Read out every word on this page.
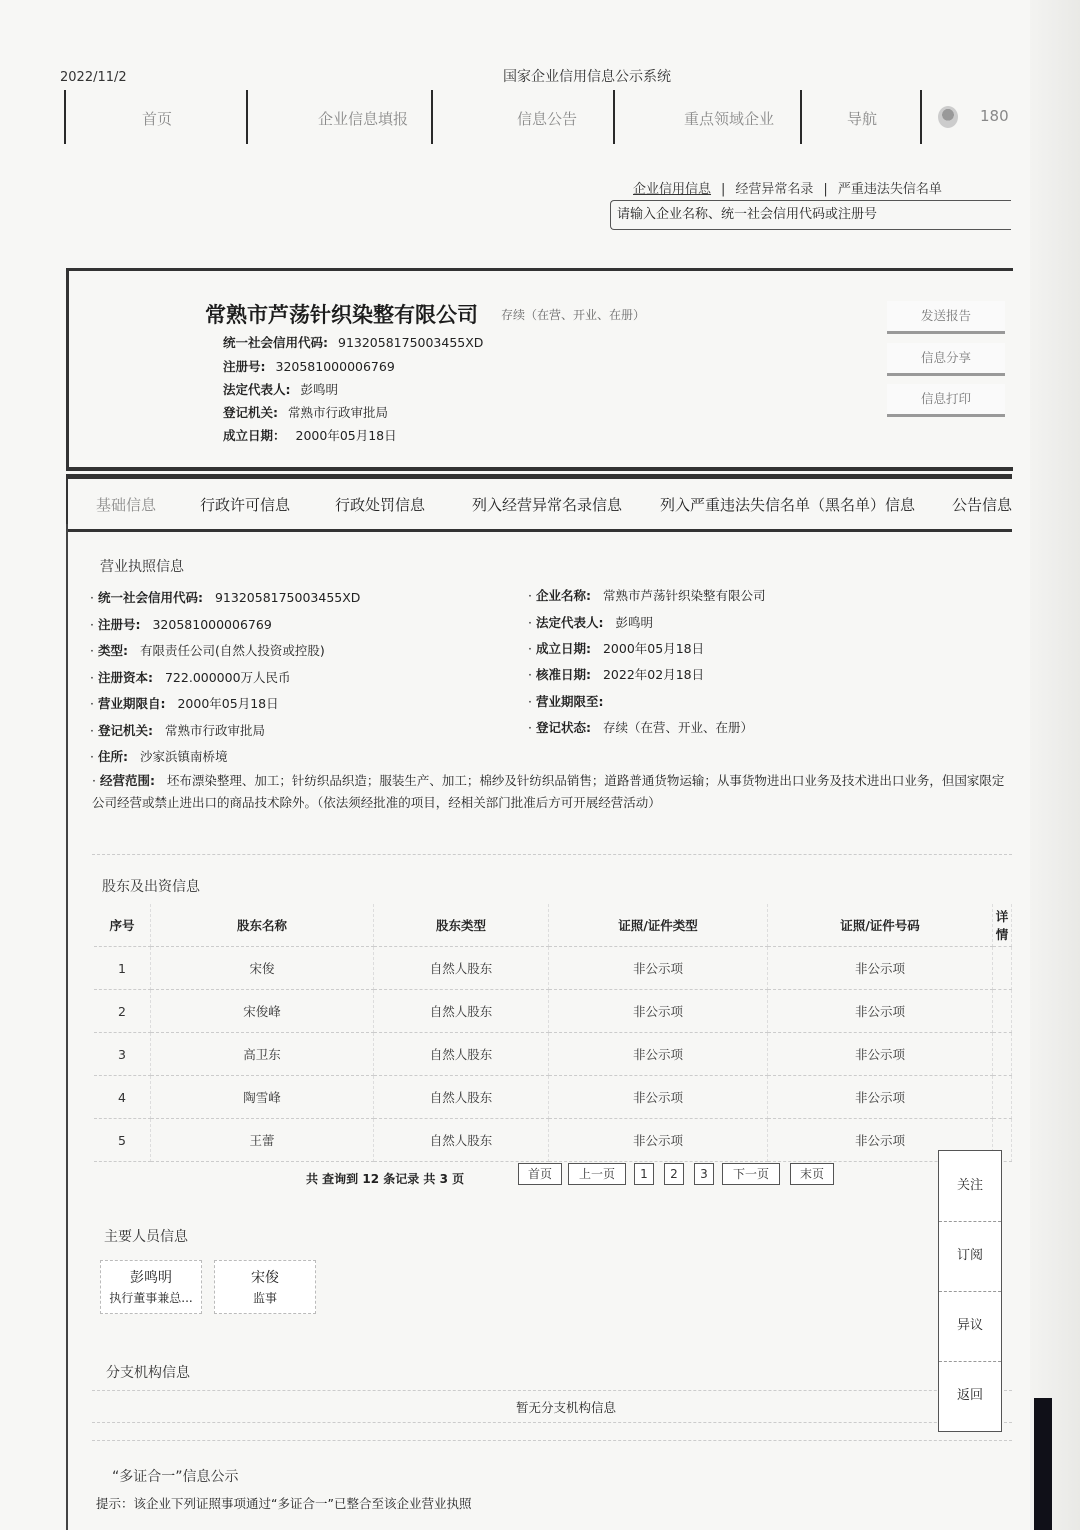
2022/11/2	国家企业信用信息公示系统
首页	企业信息填报	信息公告	重点领域企业	导航	180
企业信用信息 | 经营异常名录 | 严重违法失信名单
请输入企业名称、统一社会信用代码或注册号
常熟市芦荡针织染整有限公司 存续（在营、开业、在册）
统一社会信用代码: 9132058175003455XD
注册号: 320581000006769
法定代表人: 彭鸣明
登记机关: 常熟市行政审批局
成立日期： 2000年05月18日
发送报告
信息分享
信息打印
基础信息	行政许可信息	行政处罚信息	列入经营异常名录信息	列入严重违法失信名单（黑名单）信息 公告信息
营业执照信息
· 统一社会信用代码: 9132058175003455XD
· 注册号: 320581000006769
· 类型: 有限责任公司(自然人投资或控股)
· 注册资本: 722.000000万人民币
· 营业期限自: 2000年05月18日
· 登记机关: 常熟市行政审批局
· 住所: 沙家浜镇南桥境
· 企业名称: 常熟市芦荡针织染整有限公司
· 法定代表人: 彭鸣明
· 成立日期: 2000年05月18日
· 核准日期: 2022年02月18日
· 营业期限至:
· 登记状态: 存续（在营、开业、在册）
· 经营范围: 坯布漂染整理、加工；针纺织品织造；服装生产、加工；棉纱及针纺织品销售；道路普通货物运输；从事货物进出口业务及技术进出口业务，但国家限定公司经营或禁止进出口的商品技术除外。（依法须经批准的项目，经相关部门批准后方可开展经营活动）
股东及出资信息
序号	股东名称	股东类型	证照/证件类型	证照/证件号码	详情
1	宋俊	自然人股东	非公示项	非公示项	
2	宋俊峰	自然人股东	非公示项	非公示项	
3	高卫东	自然人股东	非公示项	非公示项	
4	陶雪峰	自然人股东	非公示项	非公示项	
5	王蕾	自然人股东	非公示项	非公示项	
共 查询到 12 条记录 共 3 页	首页	上一页	1	2	3	下一页	末页
主要人员信息
彭鸣明
执行董事兼总...
宋俊
监事
分支机构信息
暂无分支机构信息
“多证合一”信息公示
提示：该企业下列证照事项通过“多证合一”已整合至该企业营业执照
关注
订阅
异议
返回
